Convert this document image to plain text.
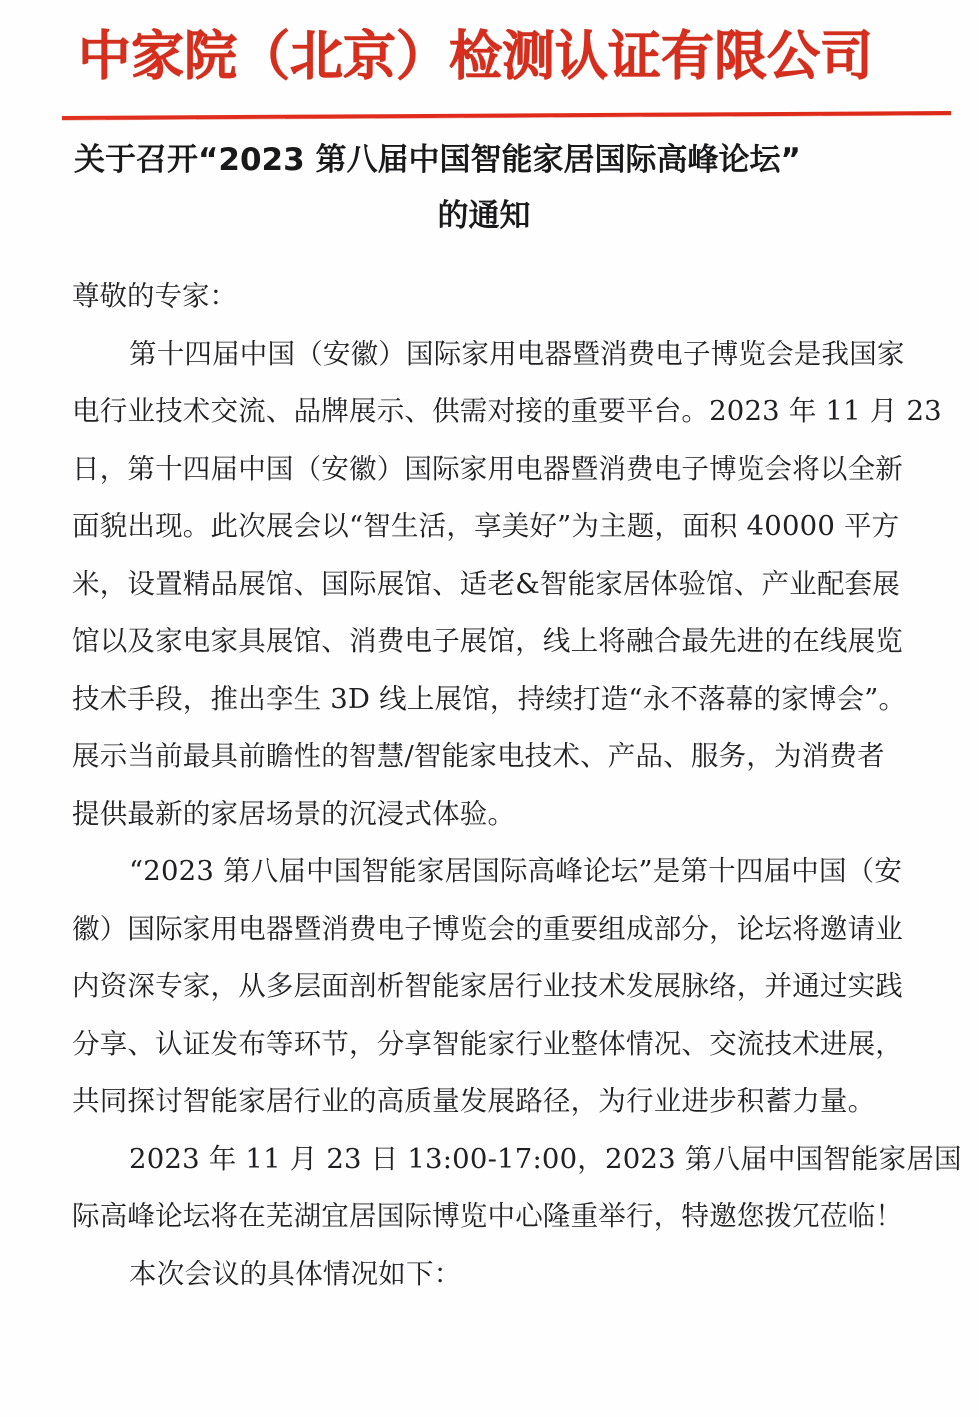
中家院（北京）检测认证有限公司
关于召开“2023 第八届中国智能家居国际高峰论坛”
的通知
尊敬的专家：
第十四届中国（安徽）国际家用电器暨消费电子博览会是我国家
电行业技术交流、品牌展示、供需对接的重要平台。2023 年 11 月 23
日，第十四届中国（安徽）国际家用电器暨消费电子博览会将以全新
面貌出现。此次展会以“智生活，享美好”为主题，面积 40000 平方
米，设置精品展馆、国际展馆、适老&智能家居体验馆、产业配套展
馆以及家电家具展馆、消费电子展馆，线上将融合最先进的在线展览
技术手段，推出孪生 3D 线上展馆，持续打造“永不落幕的家博会”。
展示当前最具前瞻性的智慧/智能家电技术、产品、服务，为消费者
提供最新的家居场景的沉浸式体验。
“2023 第八届中国智能家居国际高峰论坛”是第十四届中国（安
徽）国际家用电器暨消费电子博览会的重要组成部分，论坛将邀请业
内资深专家，从多层面剖析智能家居行业技术发展脉络，并通过实践
分享、认证发布等环节，分享智能家行业整体情况、交流技术进展，
共同探讨智能家居行业的高质量发展路径，为行业进步积蓄力量。
2023 年 11 月 23 日 13:00-17:00，2023 第八届中国智能家居国
际高峰论坛将在芜湖宜居国际博览中心隆重举行，特邀您拨冗莅临！
本次会议的具体情况如下：
